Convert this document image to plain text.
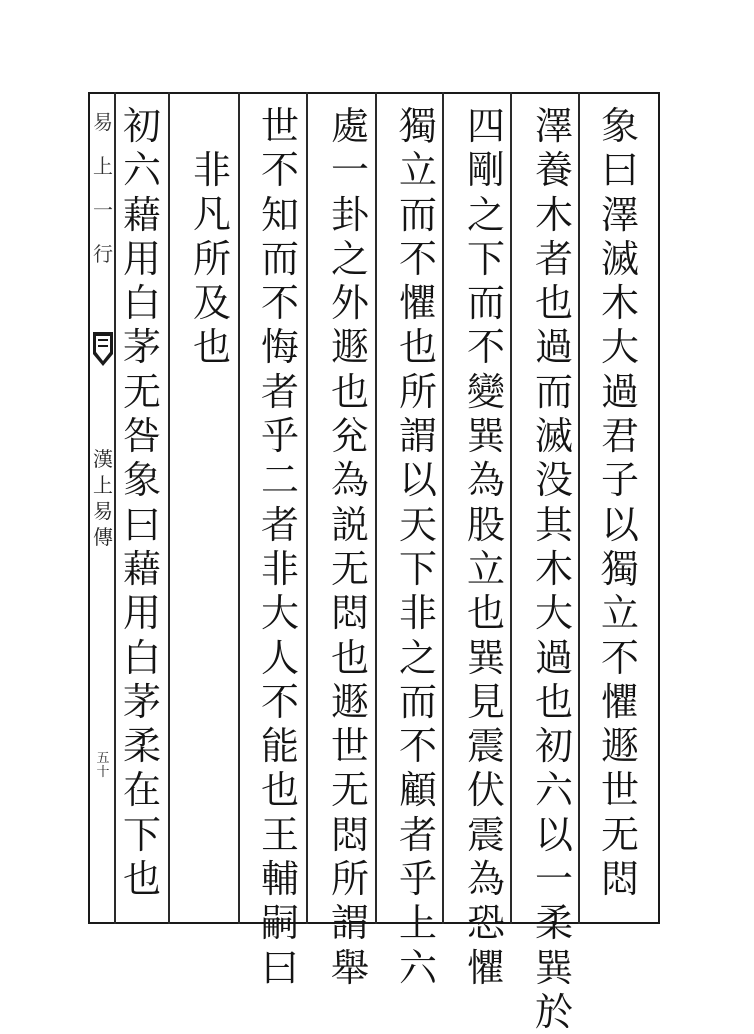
象
曰
澤
滅
木
大
過
君
子
以
獨
立
不
懼
遯
世
无
悶
澤
養
木
者
也
過
而
滅
没
其
木
大
過
也
初
六
以
一
柔
巽
於
四
剛
之
下
而
不
變
巽
為
股
立
也
巽
見
震
伏
震
為
恐
懼
獨
立
而
不
懼
也
所
謂
以
天
下
非
之
而
不
顧
者
乎
上
六
處
一
卦
之
外
遯
也
兊
為
説
无
悶
也
遯
世
无
悶
所
謂
舉
世
不
知
而
不
悔
者
乎
二
者
非
大
人
不
能
也
王
輔
嗣
曰
非
凡
所
及
也
初
六
藉
用
白
茅
无
咎
象
曰
藉
用
白
茅
柔
在
下
也
易
上
一
行
漢
上
易
傳
五
十
